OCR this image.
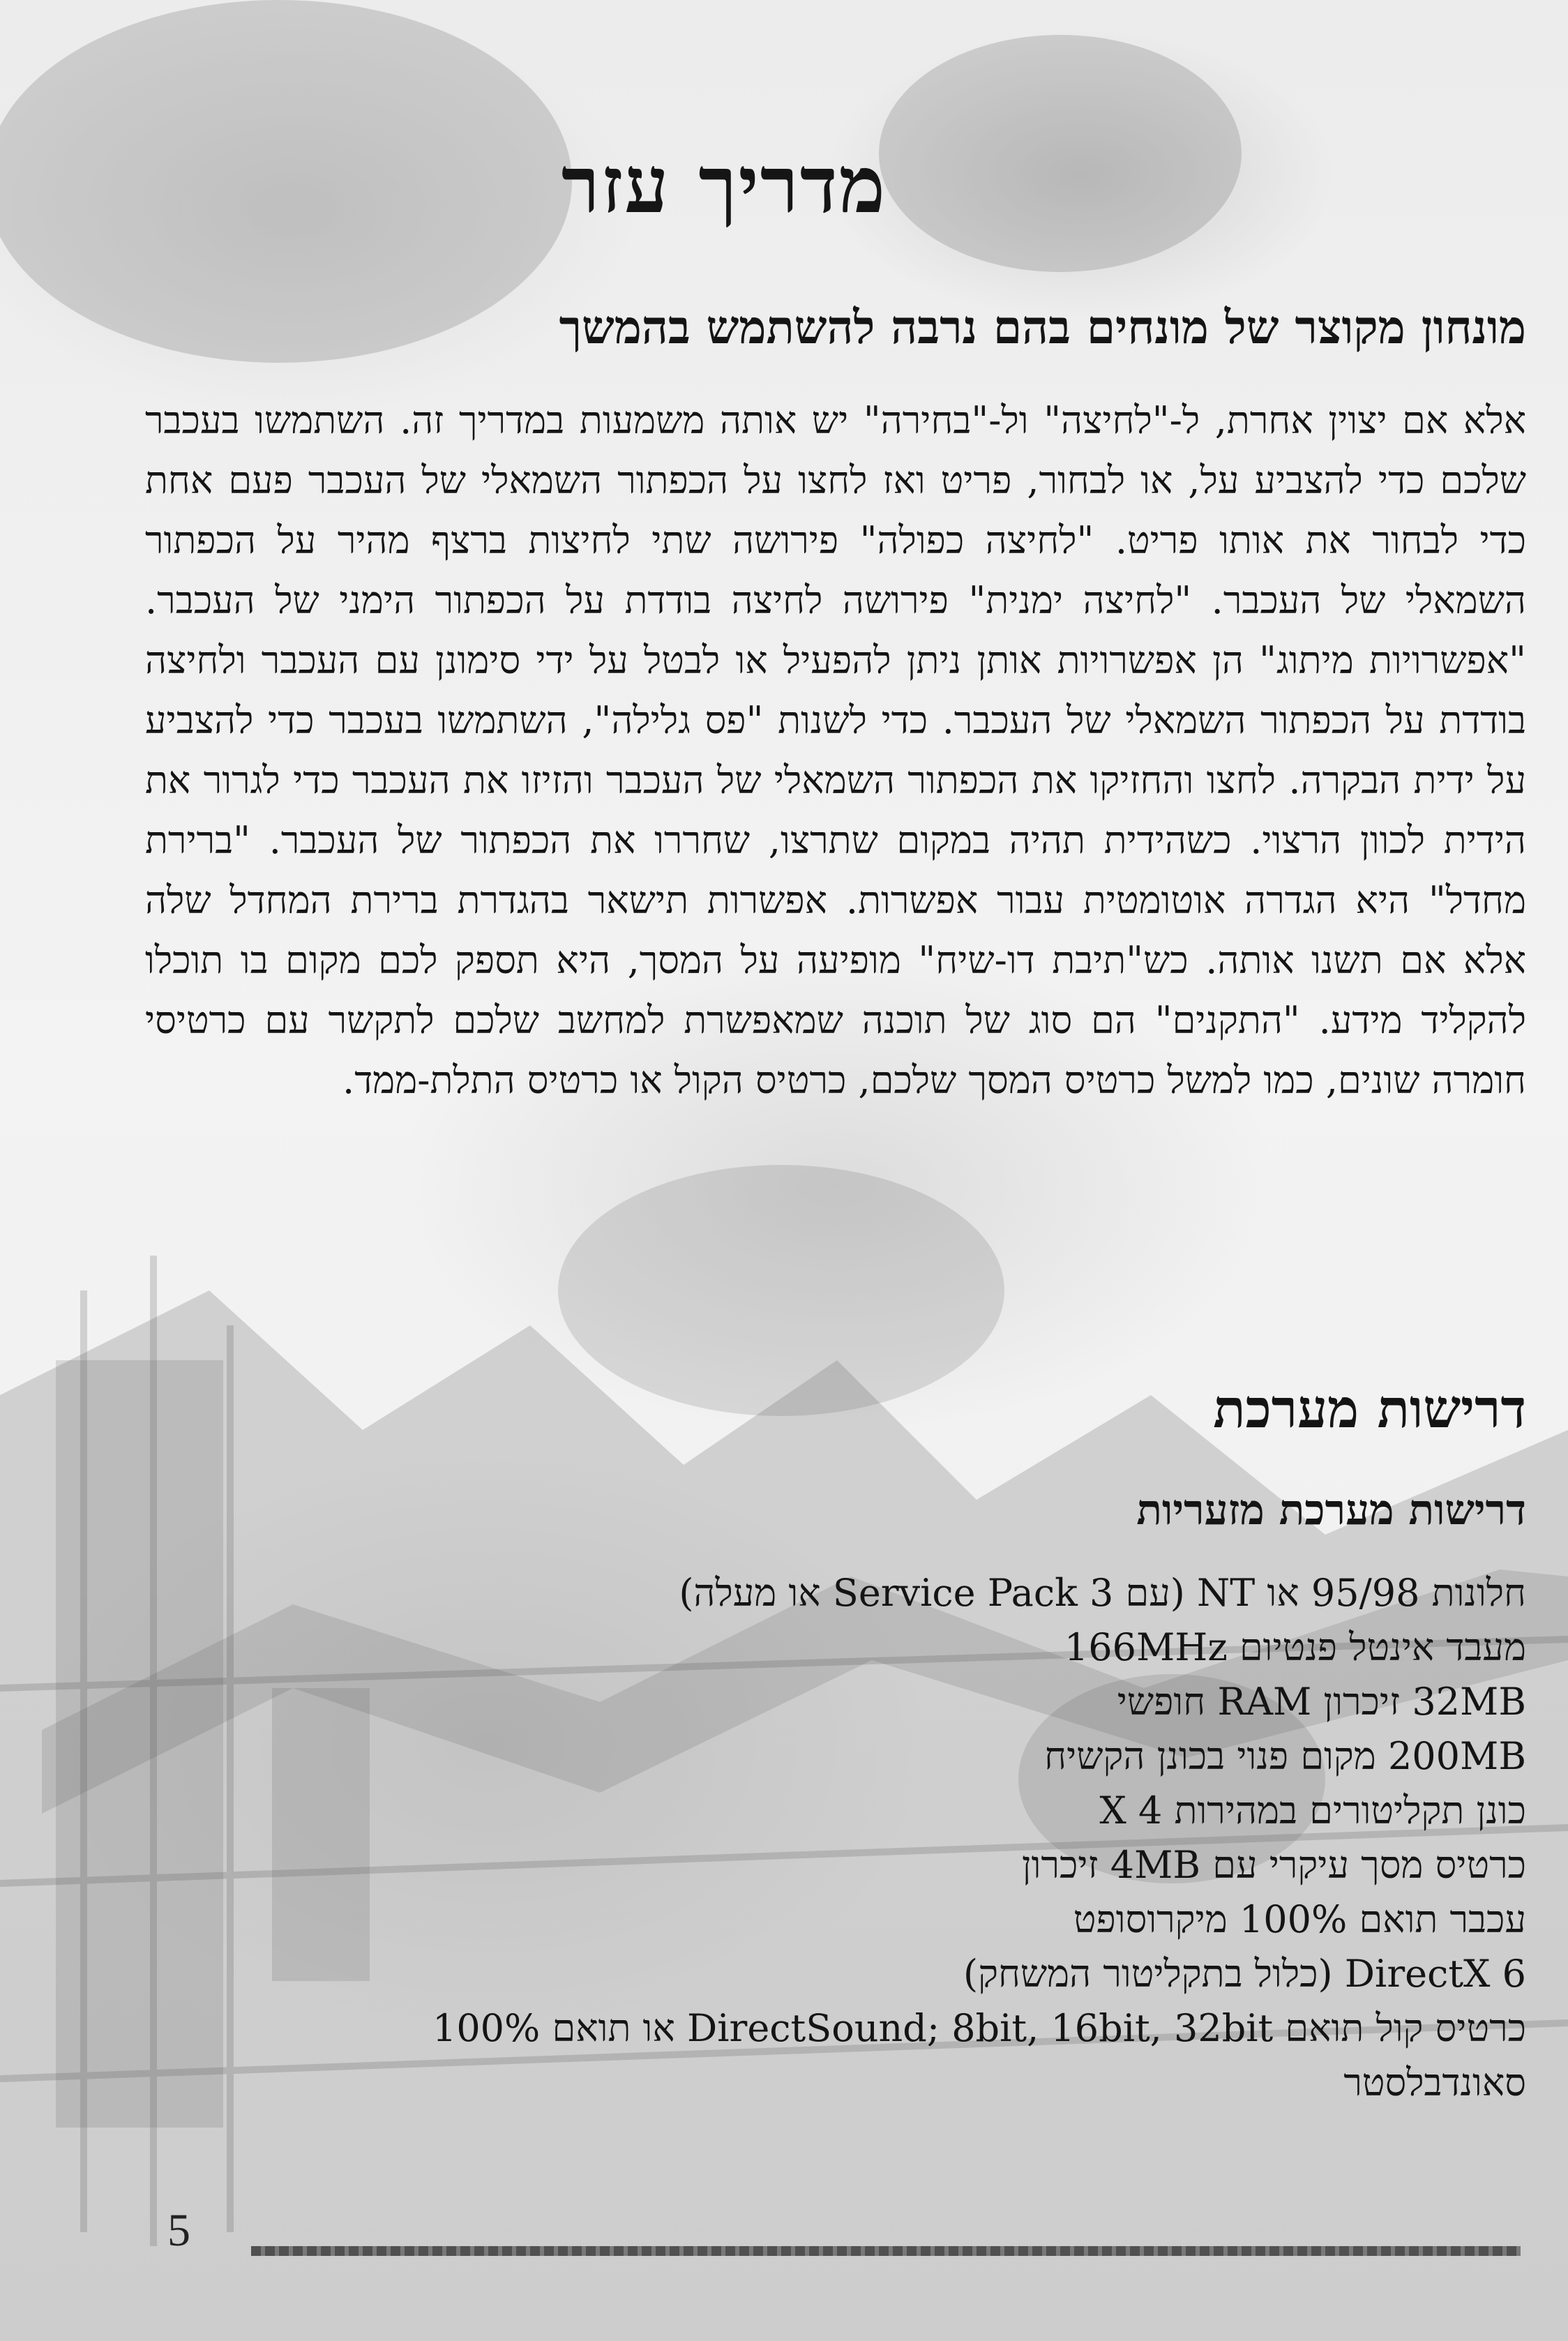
מדריך עזר
מונחון מקוצר של מונחים בהם נרבה להשתמש בהמשך

אלא אם יצוין אחרת, ל-"לחיצה" ול-"בחירה" יש אותה משמעות במדריך זה. השתמשו בעכבר שלכם כדי להצביע על, או לבחור, פריט ואז לחצו על הכפתור השמאלי של העכבר פעם אחת כדי לבחור את אותו פריט. "לחיצה כפולה" פירושה שתי לחיצות ברצף מהיר על הכפתור השמאלי של העכבר. "לחיצה ימנית" פירושה לחיצה בודדת על הכפתור הימני של העכבר. "אפשרויות מיתוג" הן אפשרויות אותן ניתן להפעיל או לבטל על ידי סימונן עם העכבר ולחיצה בודדת על הכפתור השמאלי של העכבר. כדי לשנות "פס גלילה", השתמשו בעכבר כדי להצביע על ידית הבקרה. לחצו והחזיקו את הכפתור השמאלי של העכבר והזיזו את העכבר כדי לגרור את הידית לכוון הרצוי. כשהידית תהיה במקום שתרצו, שחררו את הכפתור של העכבר. "ברירת מחדל" היא הגדרה אוטומטית עבור אפשרות. אפשרות תישאר בהגדרת ברירת המחדל שלה אלא אם תשנו אותה. כש"תיבת דו-שיח" מופיעה על המסך, היא תספק לכם מקום בו תוכלו להקליד מידע. "התקנים" הם סוג של תוכנה שמאפשרת למחשב שלכם לתקשר עם כרטיסי חומרה שונים, כמו למשל כרטיס המסך שלכם, כרטיס הקול או כרטיס התלת-ממד.

דרישות מערכת
דרישות מערכת מזעריות
חלונות 95/98 או NT (עם Service Pack 3 או מעלה)
מעבד אינטל פנטיום 166MHz
32MB זיכרון RAM חופשי
200MB מקום פנוי בכונן הקשיח
כונן תקליטורים במהירות 4 X
כרטיס מסך עיקרי עם 4MB זיכרון
עכבר תואם 100% מיקרוסופט
DirectX 6 (כלול בתקליטור המשחק)
כרטיס קול תואם DirectSound; 8bit, 16bit, 32bit או תואם 100%
סאונדבלסטר
5
